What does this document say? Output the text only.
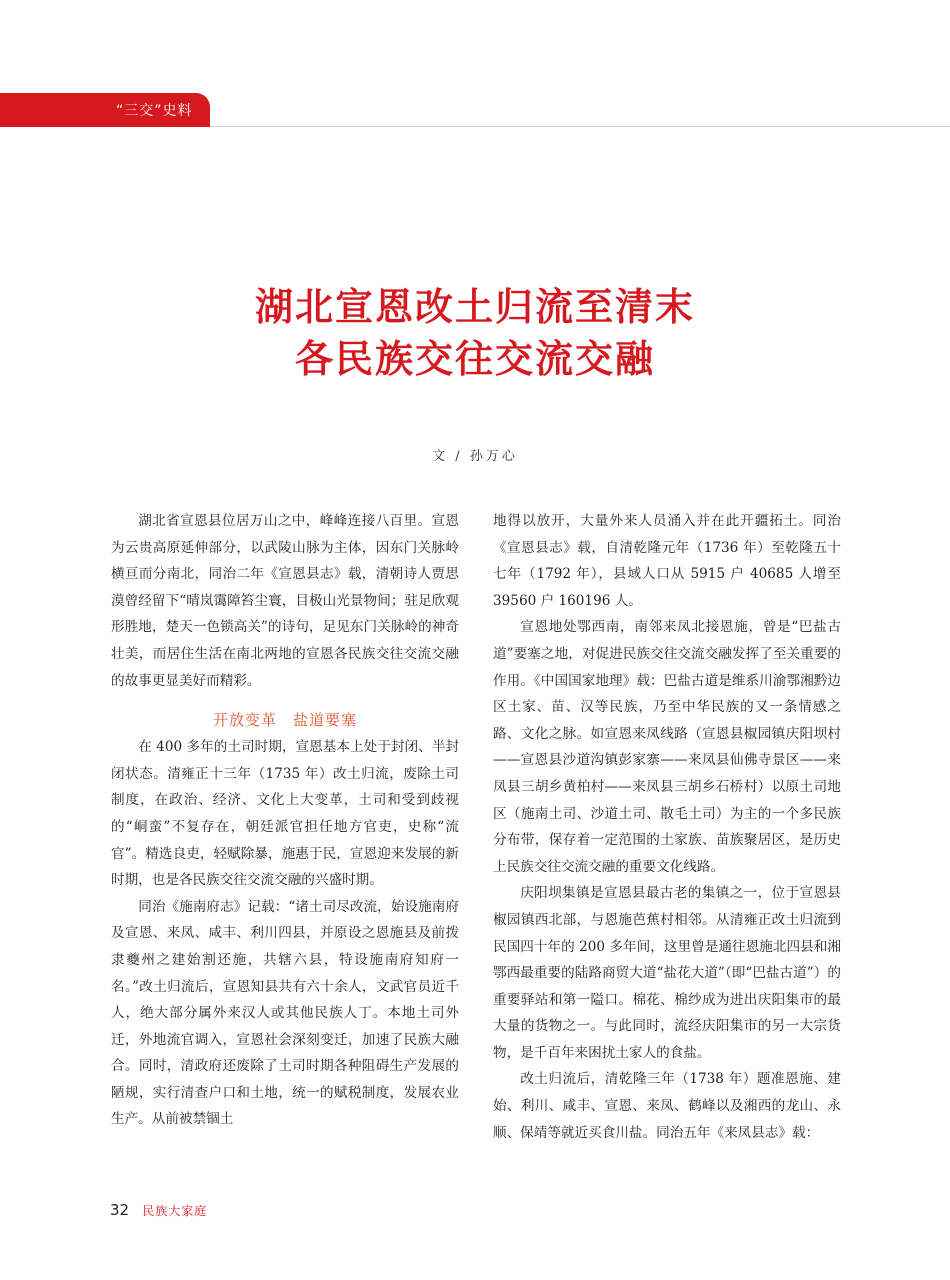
“三交”史料
湖北宣恩改土归流至清末
各民族交往交流交融
文 / 孙万心

湖北省宣恩县位居万山之中，峰峰连接八百里。宣恩为云贵高原延伸部分，以武陵山脉为主体，因东门关脉岭横亘而分南北，同治二年《宣恩县志》载，清朝诗人贾思漠曾经留下“晴岚霭障笞尘寰，目极山光景物间；驻足欣观形胜地，楚天一色锁高关”的诗句，足见东门关脉岭的神奇壮美，而居住生活在南北两地的宣恩各民族交往交流交融的故事更显美好而精彩。

开放变革　盐道要塞

在 400 多年的土司时期，宣恩基本上处于封闭、半封闭状态。清雍正十三年（1735 年）改土归流，废除土司制度，在政治、经济、文化上大变革，土司和受到歧视的“峒蛮”不复存在，朝廷派官担任地方官吏，史称“流官”。精选良吏，轻赋除暴，施惠于民，宣恩迎来发展的新时期，也是各民族交往交流交融的兴盛时期。

同治《施南府志》记载：“诸土司尽改流，始设施南府及宣恩、来凤、咸丰、利川四县，并原设之恩施县及前拨隶夔州之建始割还施，共辖六县，特设施南府知府一名。”改土归流后，宣恩知县共有六十余人，文武官员近千人，绝大部分属外来汉人或其他民族人丁。本地土司外迁，外地流官调入，宣恩社会深刻变迁，加速了民族大融合。同时，清政府还废除了土司时期各种阻碍生产发展的陋规，实行清查户口和土地，统一的赋税制度，发展农业生产。从前被禁锢土

地得以放开，大量外来人员涌入并在此开疆拓土。同治《宣恩县志》载，自清乾隆元年（1736 年）至乾隆五十七年（1792 年），县域人口从 5915 户 40685 人增至 39560 户 160196 人。

宣恩地处鄂西南，南邻来凤北接恩施，曾是“巴盐古道”要塞之地，对促进民族交往交流交融发挥了至关重要的作用。《中国国家地理》载：巴盐古道是维系川渝鄂湘黔边区土家、苗、汉等民族，乃至中华民族的又一条情感之路、文化之脉。如宣恩来凤线路（宣恩县椒园镇庆阳坝村——宣恩县沙道沟镇彭家寨——来凤县仙佛寺景区——来凤县三胡乡黄柏村——来凤县三胡乡石桥村）以原土司地区（施南土司、沙道土司、散毛土司）为主的一个多民族分布带，保存着一定范围的土家族、苗族聚居区，是历史上民族交往交流交融的重要文化线路。

庆阳坝集镇是宣恩县最古老的集镇之一，位于宣恩县椒园镇西北部，与恩施芭蕉村相邻。从清雍正改土归流到民国四十年的 200 多年间，这里曾是通往恩施北四县和湘鄂西最重要的陆路商贸大道“盐花大道”（即“巴盐古道”）的重要驿站和第一隘口。棉花、棉纱成为进出庆阳集市的最大量的货物之一。与此同时，流经庆阳集市的另一大宗货物，是千百年来困扰土家人的食盐。

改土归流后，清乾隆三年（1738 年）题准恩施、建始、利川、咸丰、宣恩、来凤、鹤峰以及湘西的龙山、永顺、保靖等就近买食川盐。同治五年《来凤县志》载：

32 民族大家庭
